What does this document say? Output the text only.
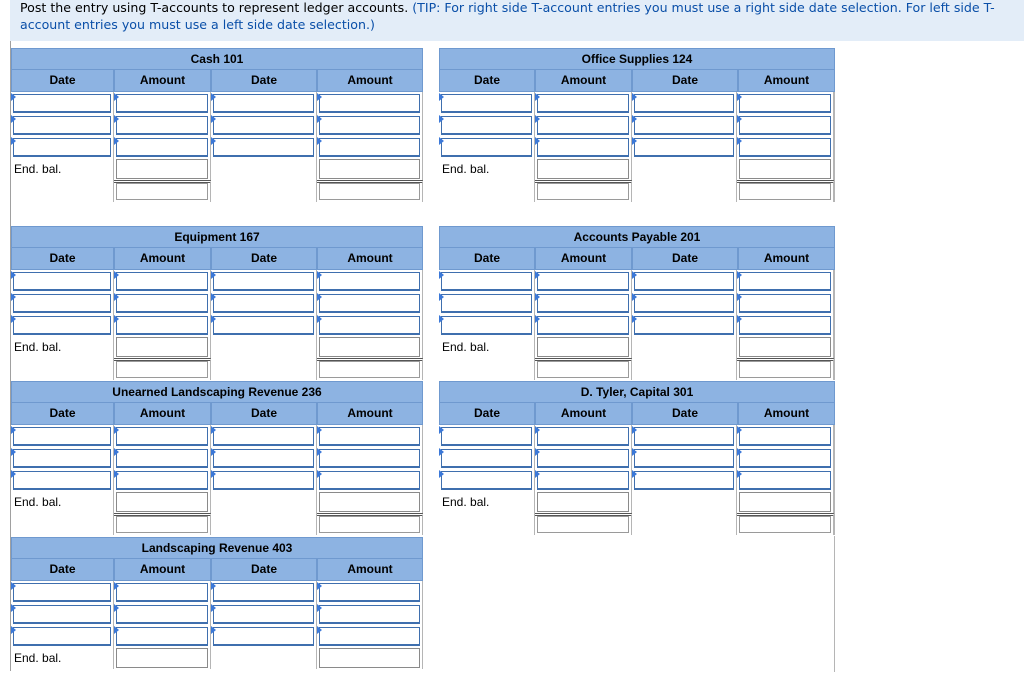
Post the entry using T-accounts to represent ledger accounts. (TIP: For right side T-account entries you must use a right side date selection. For left side T-account entries you must use a left side date selection.)
Cash 101
Date	Amount	Date	Amount
End. bal.
Office Supplies 124
Date	Amount	Date	Amount
End. bal.
Equipment 167
Date	Amount	Date	Amount
End. bal.
Accounts Payable 201
Date	Amount	Date	Amount
End. bal.
Unearned Landscaping Revenue 236
Date	Amount	Date	Amount
End. bal.
D. Tyler, Capital 301
Date	Amount	Date	Amount
End. bal.
Landscaping Revenue 403
Date	Amount	Date	Amount
End. bal.
